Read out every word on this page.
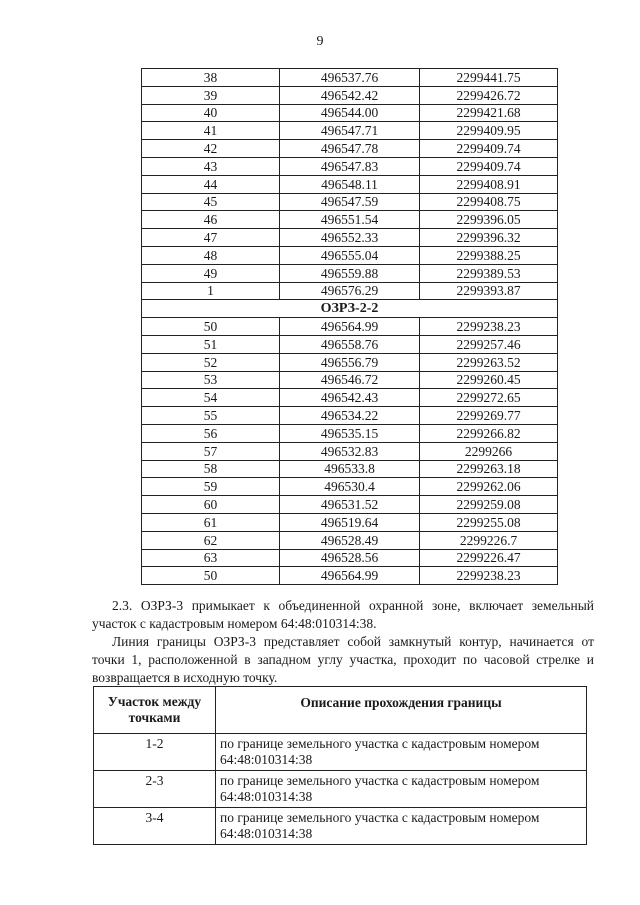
9
38	496537.76	2299441.75
39	496542.42	2299426.72
40	496544.00	2299421.68
41	496547.71	2299409.95
42	496547.78	2299409.74
43	496547.83	2299409.74
44	496548.11	2299408.91
45	496547.59	2299408.75
46	496551.54	2299396.05
47	496552.33	2299396.32
48	496555.04	2299388.25
49	496559.88	2299389.53
1	496576.29	2299393.87
ОЗРЗ-2-2		
50	496564.99	2299238.23
51	496558.76	2299257.46
52	496556.79	2299263.52
53	496546.72	2299260.45
54	496542.43	2299272.65
55	496534.22	2299269.77
56	496535.15	2299266.82
57	496532.83	2299266
58	496533.8	2299263.18
59	496530.4	2299262.06
60	496531.52	2299259.08
61	496519.64	2299255.08
62	496528.49	2299226.7
63	496528.56	2299226.47
50	496564.99	2299238.23
2.3. ОЗРЗ-3 примыкает к объединенной охранной зоне, включает земельный участок с кадастровым номером 64:48:010314:38.
Линия границы ОЗРЗ-3 представляет собой замкнутый контур, начинается от точки 1, расположенной в западном углу участка, проходит по часовой стрелке и возвращается в исходную точку.
Участок между точками	Описание прохождения границы
1-2	по границе земельного участка с кадастровым номером 64:48:010314:38
2-3	по границе земельного участка с кадастровым номером 64:48:010314:38
3-4	по границе земельного участка с кадастровым номером 64:48:010314:38
